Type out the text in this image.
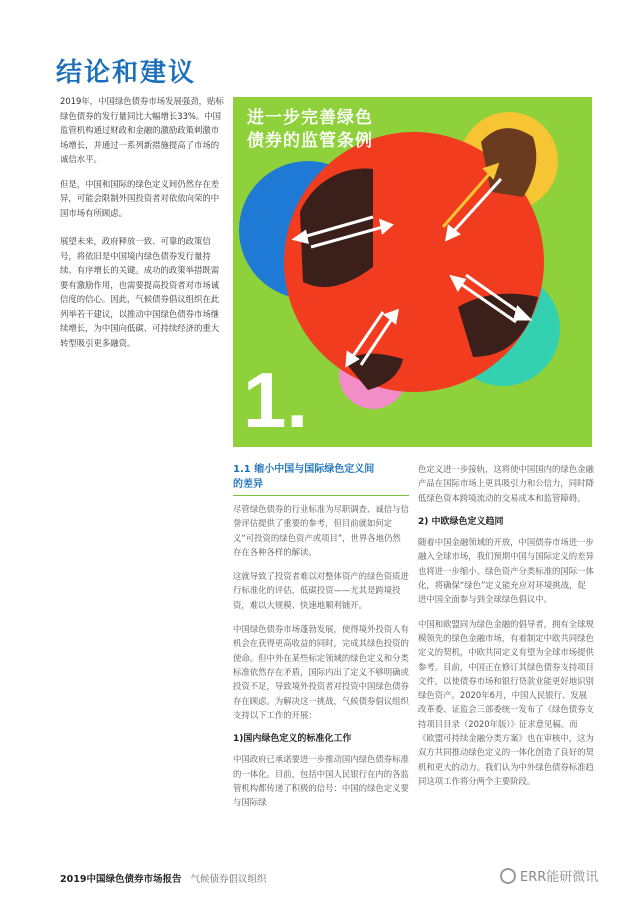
结论和建议

2019年，中国绿色债券市场发展强劲，贴标绿色债券的发行量同比大幅增长33%。中国监管机构通过财政和金融的激励政策刺激市场增长，并通过一系列新措施提高了市场的诚信水平。

但是，中国和国际的绿色定义间仍然存在差异，可能会限制外国投资者对依依向荣的中国市场有所顾虑。

展望未来，政府释放一致、可靠的政策信号，将依旧是中国境内绿色债券发行量持续、有序增长的关键。成功的政策举措既需要有激励作用，也需要提高投资者对市场诚信度的信心。因此，气候债券倡议组织在此列举若干建议，以推动中国绿色债券市场继续增长，为中国向低碳、可持续经济的重大转型吸引更多融资。

进一步完善绿色
债券的监管条例
1.
1.1 缩小中国与国际绿色定义间
的差异

尽管绿色债券的行业标准为尽职调查、诚信与信誉评估提供了重要的参考，但目前就如何定义“可投资的绿色资产或项目”，世界各地仍然存在各种各样的解读。

这就导致了投资者难以对整体资产的绿色资质进行标准化的评估，低碳投资——尤其是跨境投资，难以大规模、快速地顺利铺开。

中国绿色债券市场蓬勃发展，使得境外投资人有机会在获得更高收益的同时，完成其绿色投资的使命。但中外在某些标定领域的绿色定义和分类标准依然存在矛盾，国际内出了定义不够明确或投资不足，导致境外投资者对投资中国绿色债券存在顾虑。为解决这一挑战，气候债券倡议组织支持以下工作的开展：

1)国内绿色定义的标准化工作

中国政府已承诺要进一步推动国内绿色债券标准的一体化。目前，包括中国人民银行在内的各监管机构都传递了积极的信号：中国的绿色定义要与国际绿

色定义进一步接轨，这将使中国国内的绿色金融产品在国际市场上更具吸引力和公信力，同时降低绿色资本跨境流动的交易成本和监管障碍。

2) 中欧绿色定义趋同

随着中国金融领域的开放，中国债券市场进一步融入全球市场，我们预期中国与国际定义的差异也将进一步缩小。绿色资产分类标准的国际一体化，将确保“绿色”定义能充应对环境挑战，促进中国全面参与到全球绿色倡议中。

中国和欧盟同为绿色金融的倡导者，拥有全球规模领先的绿色金融市场，有着制定中欧共同绿色定义的契机，中欧共同定义有望为全球市场提供参考。目前，中国正在修订其绿色债券支持项目文件，以使债券市场和银行贷款业能更好地识别绿色资产。2020年6月，中国人民银行、发展改革委、证监会三部委统一发布了《绿色债券支持项目目录（2020年版）》征求意见稿。而《欧盟可持续金融分类方案》也在审核中，这为双方共同推动绿色定义的一体化创造了良好的契机和更大的动力。我们认为中外绿色债券标准趋同这项工作将分两个主要阶段。

2019中国绿色债券市场报告 气候债券倡议组织	ERR能研微讯
